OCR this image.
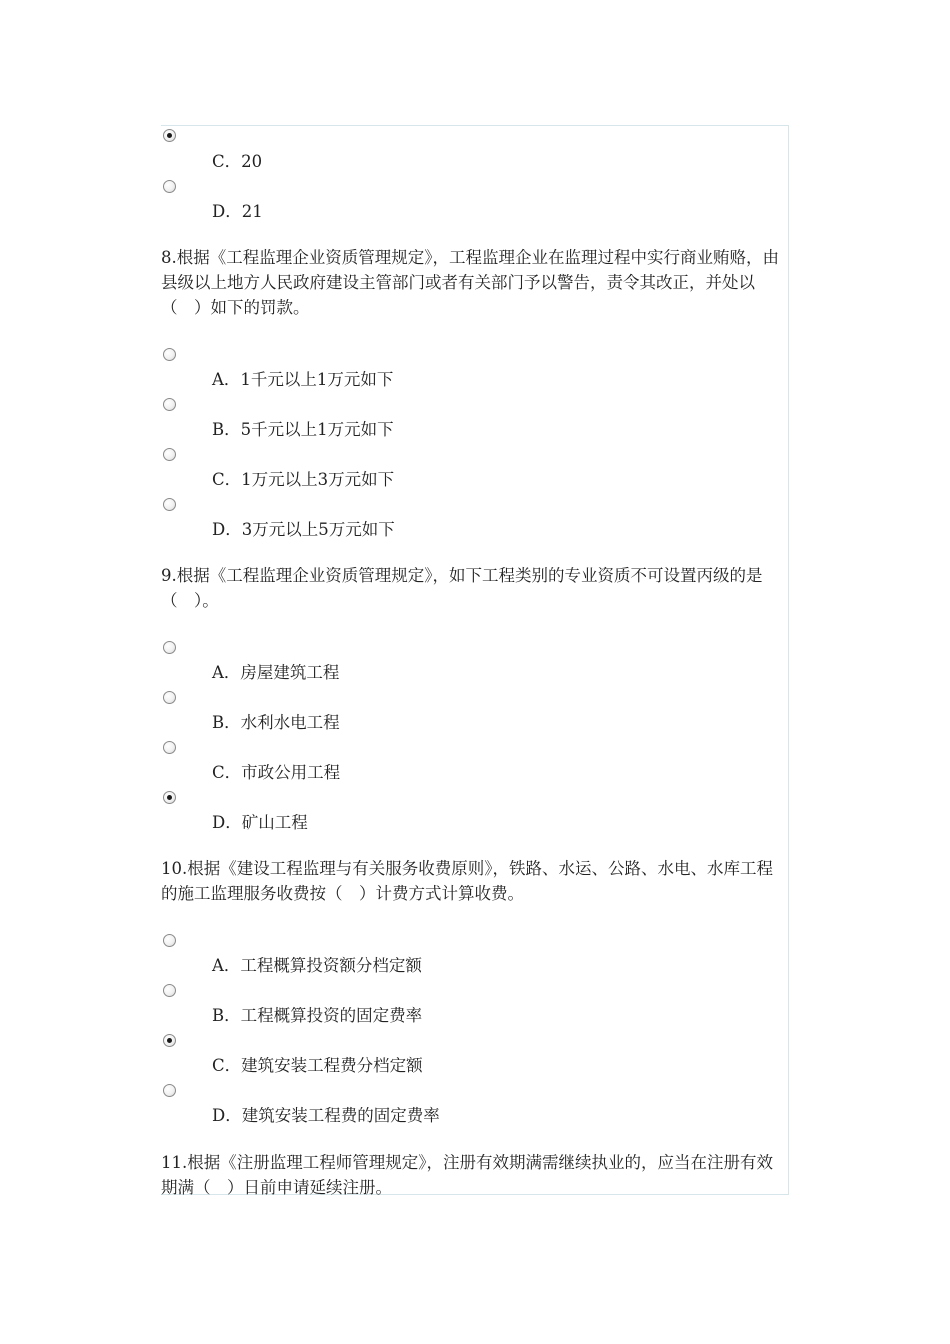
C．20
D．21
8.根据《工程监理企业资质管理规定》，工程监理企业在监理过程中实行商业贿赂，由县级以上地方人民政府建设主管部门或者有关部门予以警告，责令其改正，并处以（　）如下的罚款。
A．1千元以上1万元如下
B．5千元以上1万元如下
C．1万元以上3万元如下
D．3万元以上5万元如下
9.根据《工程监理企业资质管理规定》，如下工程类别的专业资质不可设置丙级的是（　）。
A．房屋建筑工程
B．水利水电工程
C．市政公用工程
D．矿山工程
10.根据《建设工程监理与有关服务收费原则》，铁路、水运、公路、水电、水库工程的施工监理服务收费按（　）计费方式计算收费。
A．工程概算投资额分档定额
B．工程概算投资的固定费率
C．建筑安装工程费分档定额
D．建筑安装工程费的固定费率
11.根据《注册监理工程师管理规定》，注册有效期满需继续执业的，应当在注册有效期满（　）日前申请延续注册。
